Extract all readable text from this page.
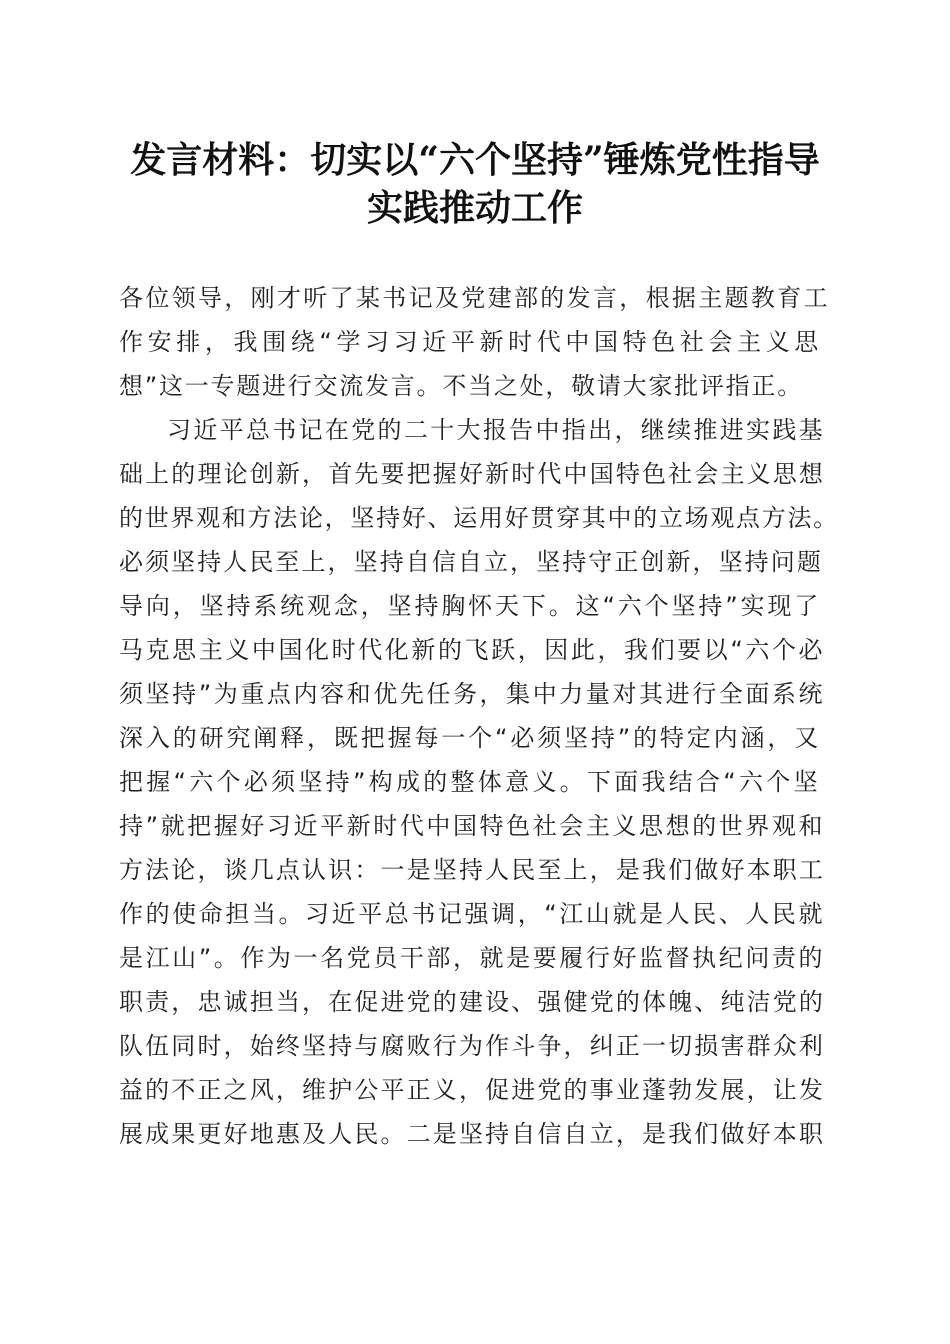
发言材料：切实以“六个坚持”锤炼党性指导
实践推动工作
各位领导，刚才听了某书记及党建部的发言，根据主题教育工
作安排，我围绕“学习习近平新时代中国特色社会主义思
想”这一专题进行交流发言。不当之处，敬请大家批评指正。
习近平总书记在党的二十大报告中指出，继续推进实践基
础上的理论创新，首先要把握好新时代中国特色社会主义思想
的世界观和方法论，坚持好、运用好贯穿其中的立场观点方法。
必须坚持人民至上，坚持自信自立，坚持守正创新，坚持问题
导向，坚持系统观念，坚持胸怀天下。这“六个坚持”实现了
马克思主义中国化时代化新的飞跃，因此，我们要以“六个必
须坚持”为重点内容和优先任务，集中力量对其进行全面系统
深入的研究阐释，既把握每一个“必须坚持”的特定内涵，又
把握“六个必须坚持”构成的整体意义。下面我结合“六个坚
持”就把握好习近平新时代中国特色社会主义思想的世界观和
方法论，谈几点认识：一是坚持人民至上，是我们做好本职工
作的使命担当。习近平总书记强调，“江山就是人民、人民就
是江山”。作为一名党员干部，就是要履行好监督执纪问责的
职责，忠诚担当，在促进党的建设、强健党的体魄、纯洁党的
队伍同时，始终坚持与腐败行为作斗争，纠正一切损害群众利
益的不正之风，维护公平正义，促进党的事业蓬勃发展，让发
展成果更好地惠及人民。二是坚持自信自立，是我们做好本职
